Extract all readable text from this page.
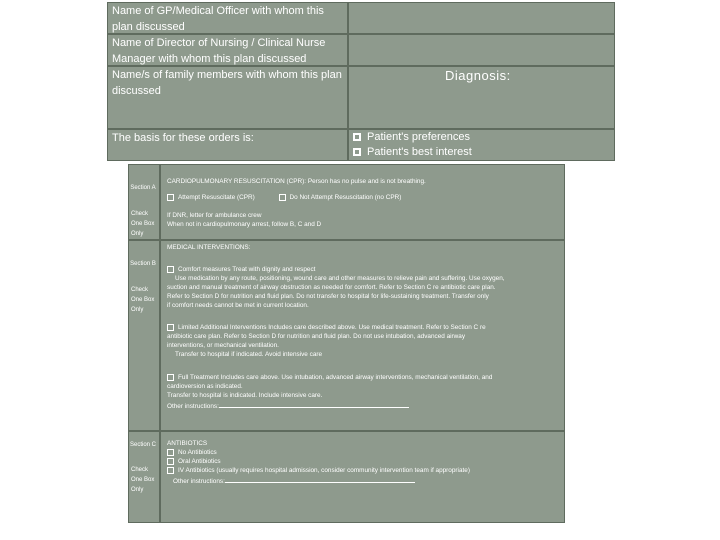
Name of GP/Medical Officer with whom this plan discussed
Name of Director of Nursing / Clinical Nurse Manager with whom this plan discussed
Name/s of family members with whom this plan discussed
Diagnosis:
The basis for these orders is:	Patient's preferences
Patient's best interest
Section A
Check One Box Only
CARDIOPULMONARY RESUSCITATION (CPR): Person has no pulse and is not breathing.
Attempt Resuscitate (CPR)	Do Not Attempt Resuscitation (no CPR)
If DNR, letter for ambulance crew
When not in cardiopulmonary arrest, follow B, C and D
Section B
Check One Box Only
MEDICAL INTERVENTIONS:
Comfort measures Treat with dignity and respect
Use medication by any route, positioning, wound care and other measures to relieve pain and suffering. Use oxygen,
suction and manual treatment of airway obstruction as needed for comfort. Refer to Section C re antibiotic care plan.
Refer to Section D for nutrition and fluid plan. Do not transfer to hospital for life-sustaining treatment. Transfer only
if comfort needs cannot be met in current location.
Limited Additional Interventions Includes care described above. Use medical treatment. Refer to Section C re
antibiotic care plan. Refer to Section D for nutrition and fluid plan. Do not use intubation, advanced airway
interventions, or mechanical ventilation.
Transfer to hospital if indicated. Avoid intensive care
Full Treatment Includes care above. Use intubation, advanced airway interventions, mechanical ventilation, and
cardioversion as indicated.
Transfer to hospital is indicated. Include intensive care.
Other instructions:
Section C
Check One Box Only
ANTIBIOTICS
No Antibiotics
Oral Antibiotics
IV Antibiotics (usually requires hospital admission, consider community intervention team if appropriate)
Other instructions:
